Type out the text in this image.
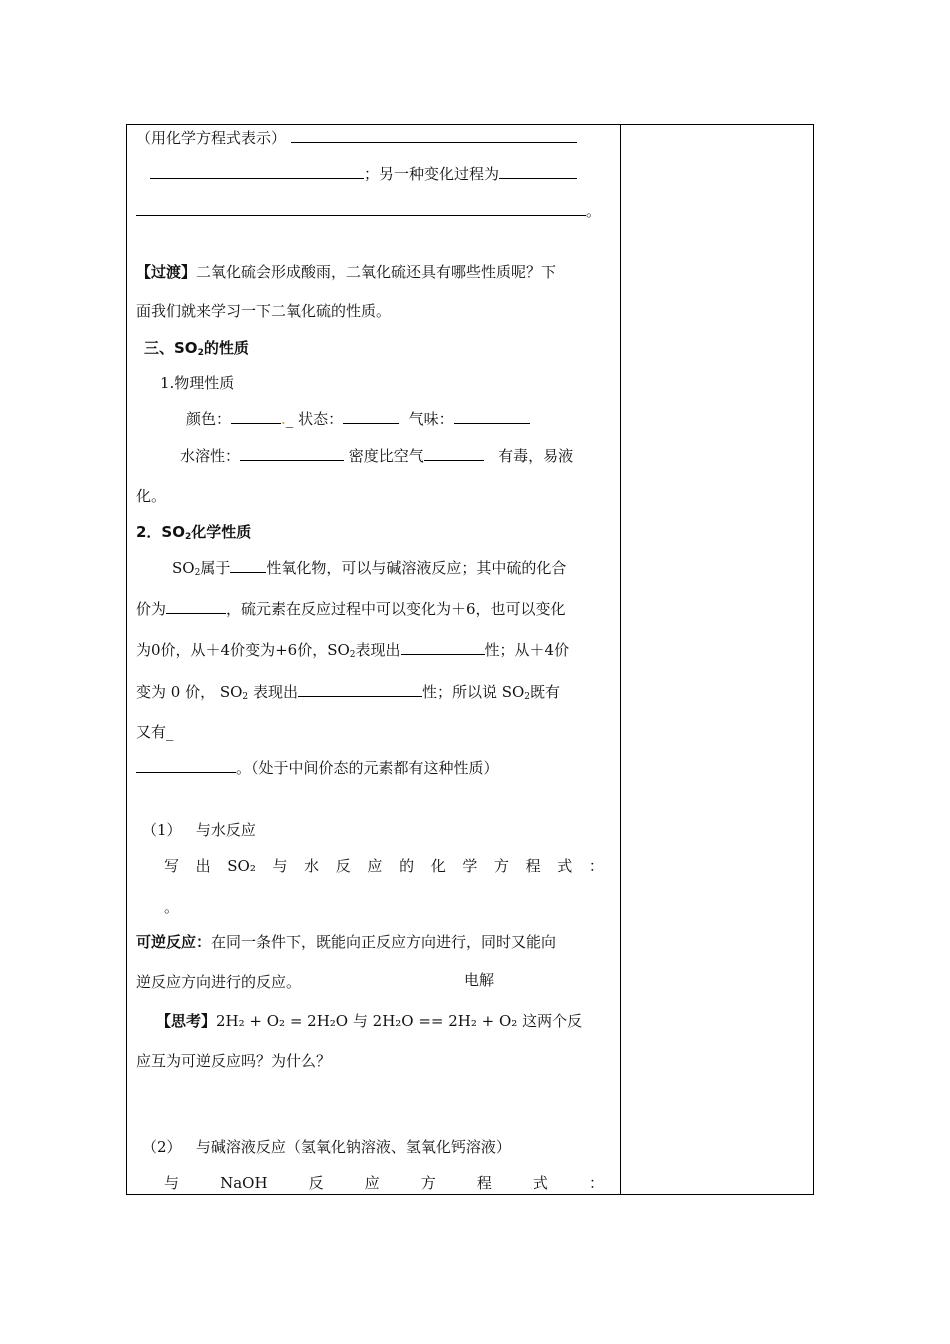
（用化学方程式表示）
；另一种变化过程为
。
【过渡】二氧化硫会形成酸雨，二氧化硫还具有哪些性质呢？下
面我们就来学习一下二氧化硫的性质。
三、$SO_2$的性质
1.物理性质
颜色：	._ 状态：	气味：
水溶性：	密度比空气	有毒，易液
化。
2．$SO_2$化学性质
$SO_2$属于 性氧化物，可以与碱溶液反应；其中硫的化合
价为	，硫元素在反应过程中可以变化为＋6，也可以变化
为0价，从＋4价变为+6价，$SO_2$表现出	性；从＋4价
变为 0 价， $SO_2$ 表现出	性；所以说 $SO_2$既有
又有_
。（处于中间价态的元素都有这种性质）
（1） 与水反应
写 出 SO₂ 与 水 反 应 的 化 学 方 程 式 ：
。
可逆反应：在同一条件下，既能向正反应方向进行，同时又能向
逆反应方向进行的反应。	电解
【思考】2H₂ + O₂ = 2H₂O 与 2H₂O == 2H₂ + O₂ 这两个反
应互为可逆反应吗？为什么？
（2） 与碱溶液反应（氢氧化钠溶液、氢氧化钙溶液）
与	NaOH	反	应	方	程	式	：
